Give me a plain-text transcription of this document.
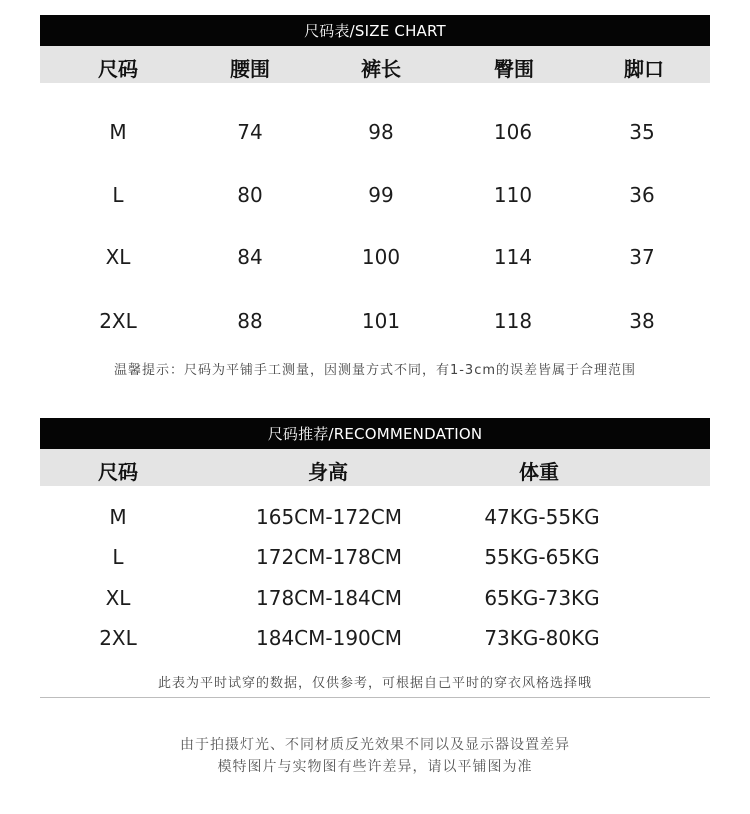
尺码表/SIZE CHART
尺码	腰围	裤长	臀围	脚口
M	74	98	106	35
L	80	99	110	36
XL	84	100	114	37
2XL	88	101	118	38
温馨提示：尺码为平铺手工测量，因测量方式不同，有1-3cm的误差皆属于合理范围
尺码推荐/RECOMMENDATION
尺码	身高	体重
M	165CM-172CM	47KG-55KG
L	172CM-178CM	55KG-65KG
XL	178CM-184CM	65KG-73KG
2XL	184CM-190CM	73KG-80KG
此表为平时试穿的数据，仅供参考，可根据自己平时的穿衣风格选择哦
由于拍摄灯光、不同材质反光效果不同以及显示器设置差异
模特图片与实物图有些许差异，请以平铺图为准
